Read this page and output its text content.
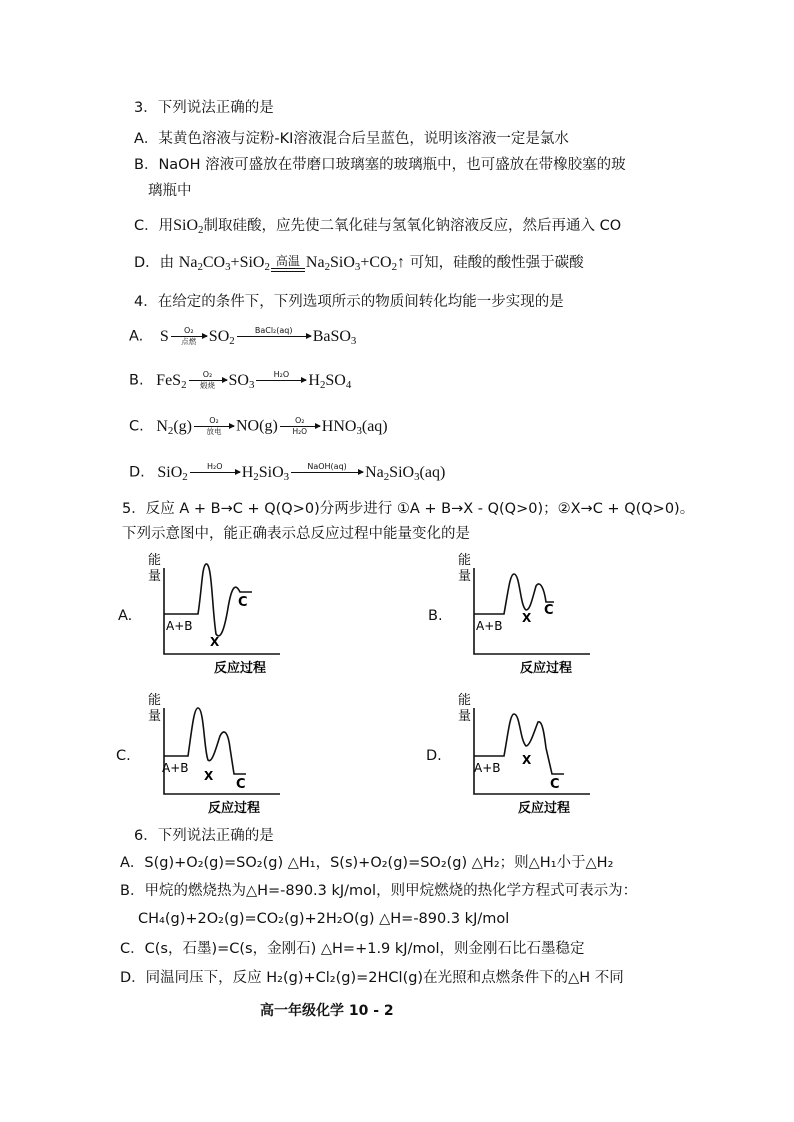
3．下列说法正确的是
A．某黄色溶液与淀粉-KI溶液混合后呈蓝色，说明该溶液一定是氯水
B．NaOH 溶液可盛放在带磨口玻璃塞的玻璃瓶中，也可盛放在带橡胶塞的玻
璃瓶中
C．用SiO$_2$制取硅酸，应先使二氧化硅与氢氧化钠溶液反应，然后再通入 CO
D．由 $Na_2CO_3+SiO_2$ 高温 $Na_2SiO_3+CO_2↑$ 可知，硅酸的酸性强于碳酸
4．在给定的条件下，下列选项所示的物质间转化均能一步实现的是
A. S	O₂
点燃 $SO_2$
BaCl₂(aq)
	BaSO$_3$
B. FeS$_2$
O₂
煅烧 $SO_3$
H₂O
	$H_2SO_4$
C. $N_2(g)$	O₂
放电 $NO(g) \frac{\text{O₂}}{\text{H₂O}} HNO_3(aq)$
D. SiO$_2$
H₂O
	$H_2SiO_3$
NaOH(aq)
	$Na_2SiO_3(aq)$
5．反应 A + B→C + Q(Q>0)分两步进行 ①A + B→X - Q(Q>0)；②X→C + Q(Q>0)。
下列示意图中，能正确表示总反应过程中能量变化的是
A.	B.
C.	D.
能
量
A+B
X
C
反应过程
能
量
A+B
X C
反应过程
能
量
A+B
X
C
反应过程
能
量
A+B
X
C
反应过程
6．下列说法正确的是
A．S(g)+O₂(g)=SO₂(g) △H₁，S(s)+O₂(g)=SO₂(g) △H₂；则△H₁小于△H₂
B．甲烷的燃烧热为△H=-890.3 kJ/mol，则甲烷燃烧的热化学方程式可表示为：
CH₄(g)+2O₂(g)=CO₂(g)+2H₂O(g) △H=-890.3 kJ/mol
C．C(s，石墨)=C(s，金刚石) △H=+1.9 kJ/mol，则金刚石比石墨稳定
D．同温同压下，反应 H₂(g)+Cl₂(g)=2HCl(g)在光照和点燃条件下的△H 不同
高一年级化学 10 - 2
